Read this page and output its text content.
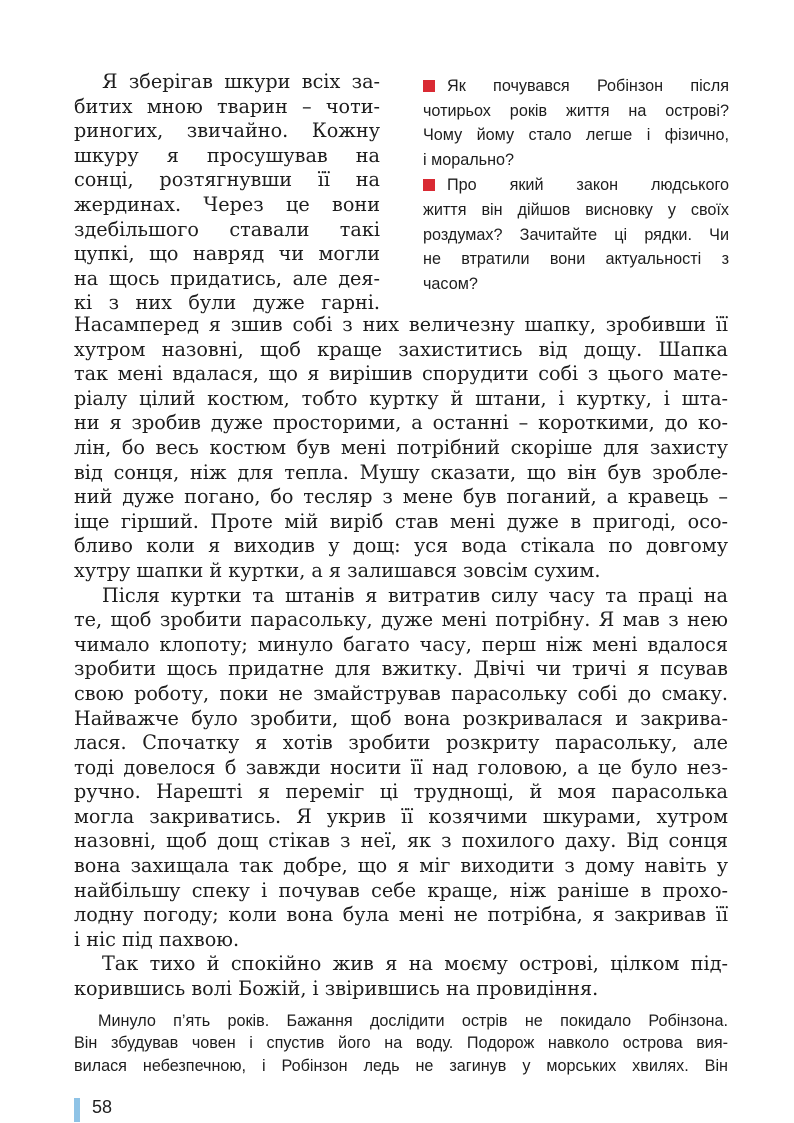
Я зберігав шкури всіх за-
битих мною тварин – чоти-
риногих, звичайно. Кожну
шкуру я просушував на
сонці, розтягнувши її на
жердинах. Через це вони
здебільшого ставали такі
цупкі, що навряд чи могли
на щось придатись, але дея-
кі з них були дуже гарні.
Як почувався Робінзон після
чотирьох років життя на острові?
Чому йому стало легше і фізично,
і морально?
Про який закон людського
життя він дійшов висновку у своїх
роздумах? Зачитайте ці рядки. Чи
не втратили вони актуальності з
часом?
Насамперед я зшив собі з них величезну шапку, зробивши її
хутром назовні, щоб краще захиститись від дощу. Шапка
так мені вдалася, що я вирішив спорудити собі з цього мате-
ріалу цілий костюм, тобто куртку й штани, і куртку, і шта-
ни я зробив дуже просторими, а останні – короткими, до ко-
лін, бо весь костюм був мені потрібний скоріше для захисту
від сонця, ніж для тепла. Мушу сказати, що він був зробле-
ний дуже погано, бо тесляр з мене був поганий, а кравець –
іще гірший. Проте мій виріб став мені дуже в пригоді, осо-
бливо коли я виходив у дощ: уся вода стікала по довгому
хутру шапки й куртки, а я залишався зовсім сухим.
Після куртки та штанів я витратив силу часу та праці на
те, щоб зробити парасольку, дуже мені потрібну. Я мав з нею
чимало клопоту; минуло багато часу, перш ніж мені вдалося
зробити щось придатне для вжитку. Двічі чи тричі я псував
свою роботу, поки не змайстрував парасольку собі до смаку.
Найважче було зробити, щоб вона розкривалася и закрива-
лася. Спочатку я хотів зробити розкриту парасольку, але
тоді довелося б завжди носити її над головою, а це було нез-
ручно. Нарешті я переміг ці труднощі, й моя парасолька
могла закриватись. Я укрив її козячими шкурами, хутром
назовні, щоб дощ стікав з неї, як з похилого даху. Від сонця
вона захищала так добре, що я міг виходити з дому навіть у
найбільшу спеку і почував себе краще, ніж раніше в прохо-
лодну погоду; коли вона була мені не потрібна, я закривав її
і ніс під пахвою.
Так тихо й спокійно жив я на моєму острові, цілком під-
корившись волі Божій, і звірившись на провидіння.
Минуло п’ять років. Бажання дослідити острів не покидало Робінзона.
Він збудував човен і спустив його на воду. Подорож навколо острова вия-
вилася небезпечною, і Робінзон ледь не загинув у морських хвилях. Він
58
